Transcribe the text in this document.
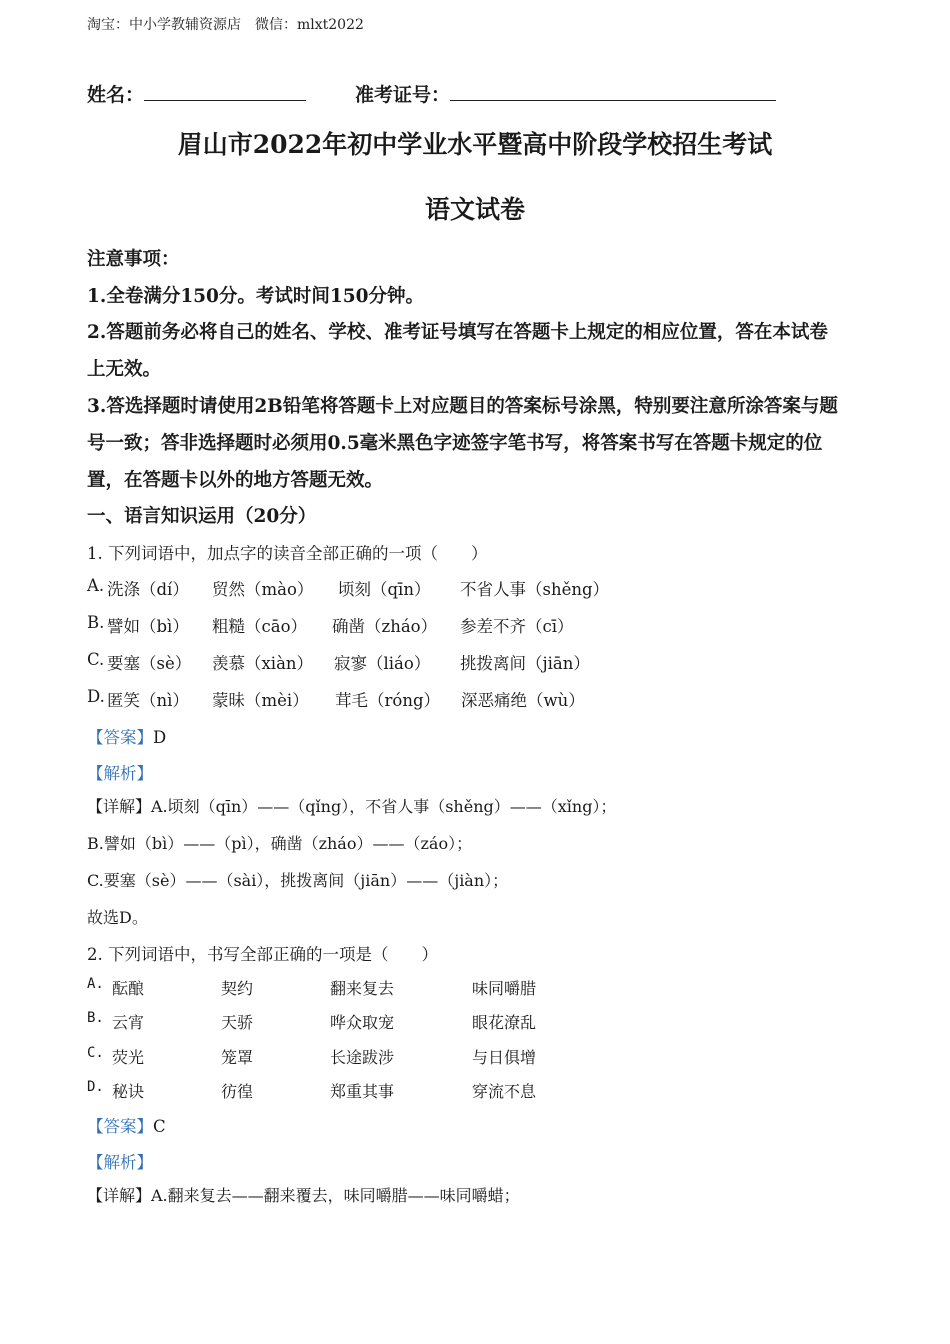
淘宝：中小学教辅资源店　微信：mlxt2022
姓名：	准考证号：
眉山市2022年初中学业水平暨高中阶段学校招生考试
语文试卷
注意事项：
1.全卷满分150分。考试时间150分钟。
2.答题前务必将自己的姓名、学校、准考证号填写在答题卡上规定的相应位置，答在本试卷
上无效。
3.答选择题时请使用2B铅笔将答题卡上对应题目的答案标号涂黑，特别要注意所涂答案与题
号一致；答非选择题时必须用0.5毫米黑色字迹签字笔书写，将答案书写在答题卡规定的位
置，在答题卡以外的地方答题无效。
一、语言知识运用（20分）
1. 下列词语中，加点字的读音全部正确的一项（　　）
A. 洗涤（dí） 贸然（mào） 顷刻（qīn） 不省人事（shěng）
B. 譬如（bì） 粗糙（cāo） 确凿（zháo） 参差不齐（cī）
C. 要塞（sè） 羡慕（xiàn） 寂寥（liáo） 挑拨离间（jiān）
D. 匿笑（nì） 蒙昧（mèi） 茸毛（róng） 深恶痛绝（wù）
【答案】D
【解析】
【详解】A.顷刻（qīn）——（qǐng），不省人事（shěng）——（xǐng）；
B.譬如（bì）——（pì），确凿（zháo）——（záo）；
C.要塞（sè）——（sài），挑拨离间（jiān）——（jiàn）；
故选D。
2. 下列词语中，书写全部正确的一项是（　　）
A. 酝酿	契约	翻来复去	味同嚼腊
B. 云宵	天骄	哗众取宠	眼花潦乱
C. 荧光	笼罩	长途跋涉	与日俱增
D. 秘诀	彷徨	郑重其事	穿流不息
【答案】C
【解析】
【详解】A.翻来复去——翻来覆去，味同嚼腊——味同嚼蜡；
